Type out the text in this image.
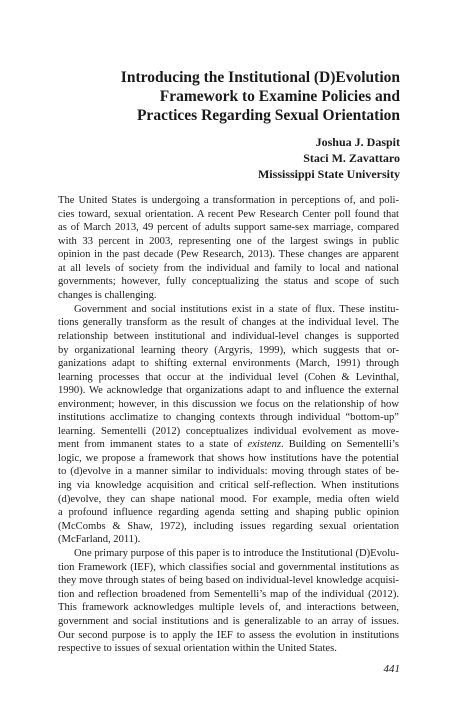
Introducing the Institutional (D)Evolution
Framework to Examine Policies and
Practices Regarding Sexual Orientation
Joshua J. Daspit
Staci M. Zavattaro
Mississippi State University
The United States is undergoing a transformation in perceptions of, and poli-
cies toward, sexual orientation. A recent Pew Research Center poll found that
as of March 2013, 49 percent of adults support same-sex marriage, compared
with 33 percent in 2003, representing one of the largest swings in public
opinion in the past decade (Pew Research, 2013). These changes are apparent
at all levels of society from the individual and family to local and national
governments; however, fully conceptualizing the status and scope of such
changes is challenging.
Government and social institutions exist in a state of flux. These institu-
tions generally transform as the result of changes at the individual level. The
relationship between institutional and individual-level changes is supported
by organizational learning theory (Argyris, 1999), which suggests that or-
ganizations adapt to shifting external environments (March, 1991) through
learning processes that occur at the individual level (Cohen & Levinthal,
1990). We acknowledge that organizations adapt to and influence the external
environment; however, in this discussion we focus on the relationship of how
institutions acclimatize to changing contexts through individual “bottom-up”
learning. Sementelli (2012) conceptualizes individual evolvement as move-
ment from immanent states to a state of existenz. Building on Sementelli’s
logic, we propose a framework that shows how institutions have the potential
to (d)evolve in a manner similar to individuals: moving through states of be-
ing via knowledge acquisition and critical self-reflection. When institutions
(d)evolve, they can shape national mood. For example, media often wield
a profound influence regarding agenda setting and shaping public opinion
(McCombs & Shaw, 1972), including issues regarding sexual orientation
(McFarland, 2011).
One primary purpose of this paper is to introduce the Institutional (D)Evolu-
tion Framework (IEF), which classifies social and governmental institutions as
they move through states of being based on individual-level knowledge acquisi-
tion and reflection broadened from Sementelli’s map of the individual (2012).
This framework acknowledges multiple levels of, and interactions between,
government and social institutions and is generalizable to an array of issues.
Our second purpose is to apply the IEF to assess the evolution in institutions
respective to issues of sexual orientation within the United States.
441
